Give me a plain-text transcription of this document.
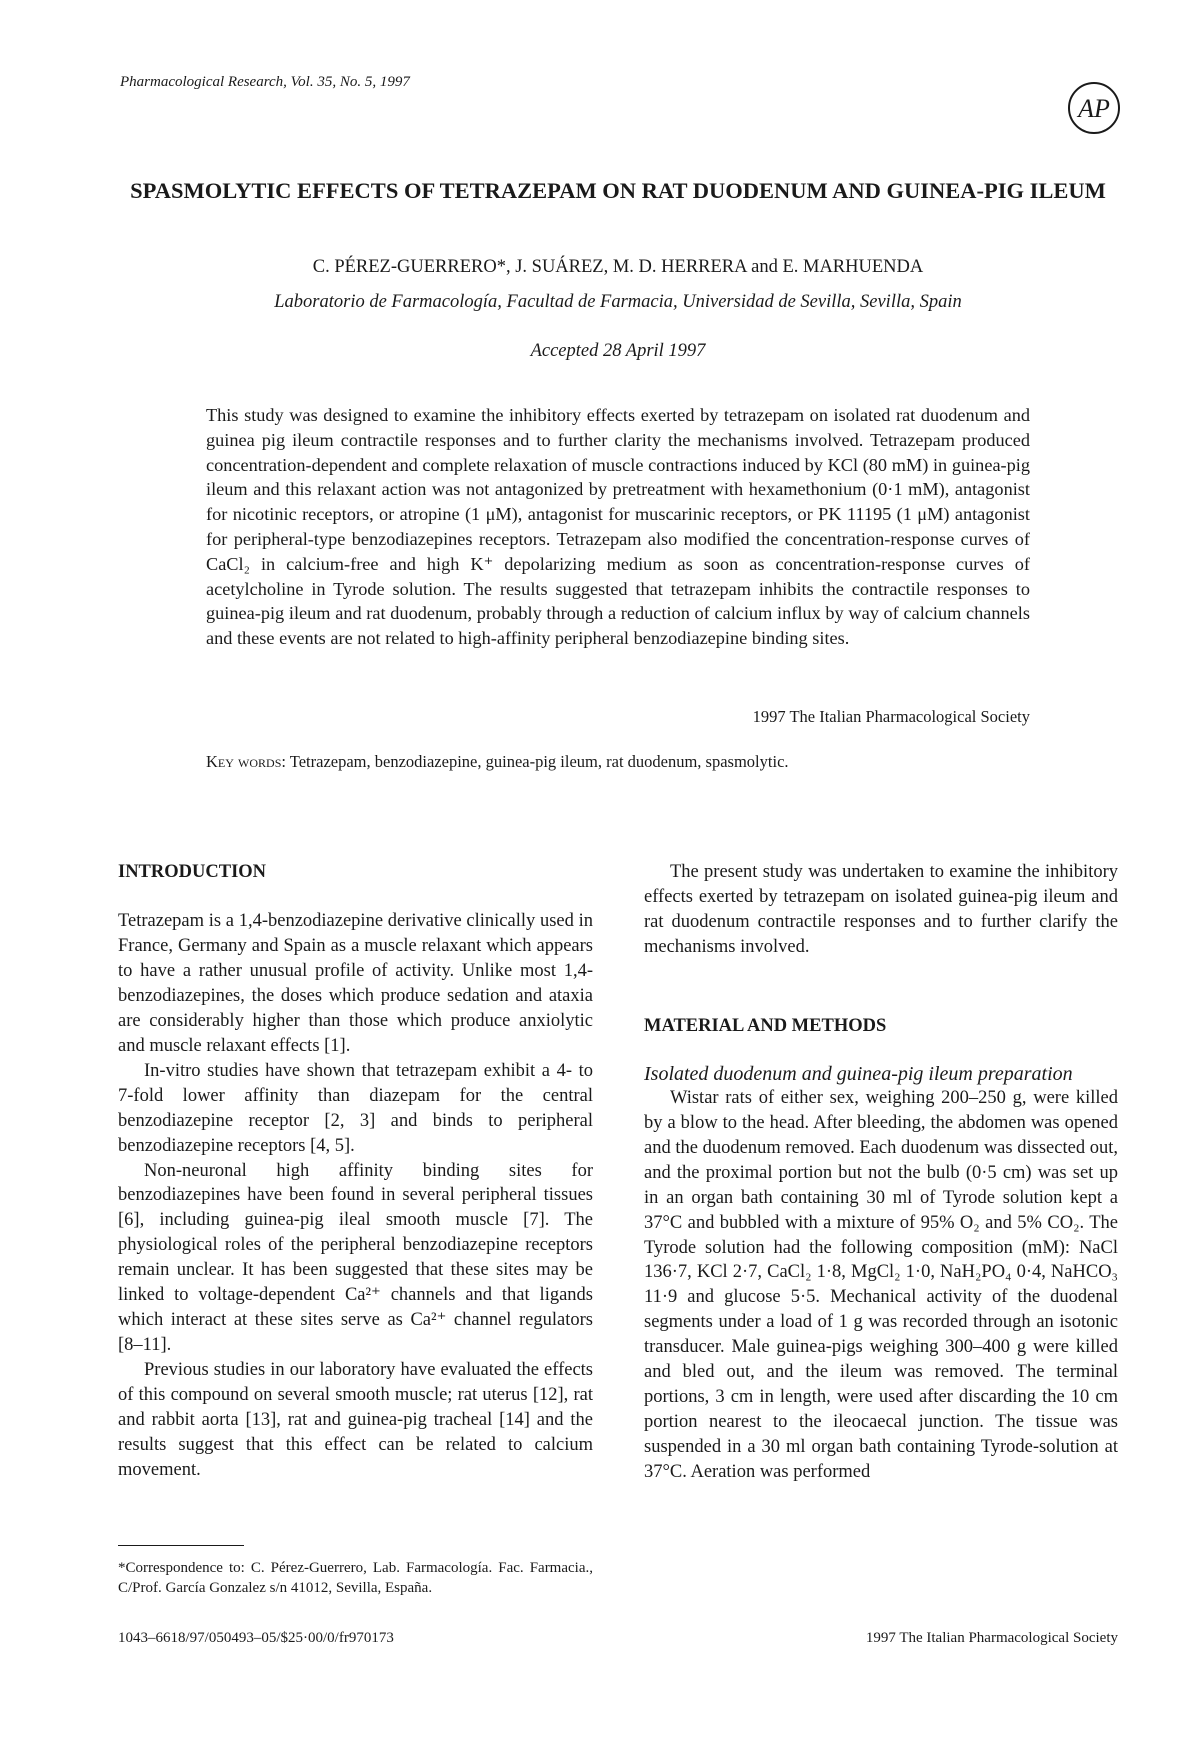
Pharmacological Research, Vol. 35, No. 5, 1997
AP
SPASMOLYTIC EFFECTS OF TETRAZEPAM ON RAT DUODENUM AND GUINEA-PIG ILEUM
C. PÉREZ-GUERRERO*, J. SUÁREZ, M. D. HERRERA and E. MARHUENDA
Laboratorio de Farmacología, Facultad de Farmacia, Universidad de Sevilla, Sevilla, Spain
Accepted 28 April 1997
This study was designed to examine the inhibitory effects exerted by tetrazepam on isolated rat duodenum and guinea pig ileum contractile responses and to further clarity the mechanisms involved. Tetrazepam produced concentration-dependent and complete relaxation of muscle contractions induced by KCl (80 mM) in guinea-pig ileum and this relaxant action was not antagonized by pretreatment with hexamethonium (0·1 mM), antagonist for nicotinic receptors, or atropine (1 μM), antagonist for muscarinic receptors, or PK 11195 (1 μM) antagonist for peripheral-type benzodiazepines receptors. Tetrazepam also modified the concentration-response curves of CaCl₂ in calcium-free and high K⁺ depolarizing medium as soon as concentration-response curves of acetylcholine in Tyrode solution. The results suggested that tetrazepam inhibits the contractile responses to guinea-pig ileum and rat duodenum, probably through a reduction of calcium influx by way of calcium channels and these events are not related to high-affinity peripheral benzodiazepine binding sites.
1997 The Italian Pharmacological Society
Key words: Tetrazepam, benzodiazepine, guinea-pig ileum, rat duodenum, spasmolytic.
INTRODUCTION

Tetrazepam is a 1,4-benzodiazepine derivative clinically used in France, Germany and Spain as a muscle relaxant which appears to have a rather unusual profile of activity. Unlike most 1,4-benzodiazepines, the doses which produce sedation and ataxia are considerably higher than those which produce anxiolytic and muscle relaxant effects [1].

In-vitro studies have shown that tetrazepam exhibit a 4- to 7-fold lower affinity than diazepam for the central benzodiazepine receptor [2, 3] and binds to peripheral benzodiazepine receptors [4, 5].

Non-neuronal high affinity binding sites for benzodiazepines have been found in several peripheral tissues [6], including guinea-pig ileal smooth muscle [7]. The physiological roles of the peripheral benzodiazepine receptors remain unclear. It has been suggested that these sites may be linked to voltage-dependent Ca²⁺ channels and that ligands which interact at these sites serve as Ca²⁺ channel regulators [8–11].

Previous studies in our laboratory have evaluated the effects of this compound on several smooth muscle; rat uterus [12], rat and rabbit aorta [13], rat and guinea-pig tracheal [14] and the results suggest that this effect can be related to calcium movement.

The present study was undertaken to examine the inhibitory effects exerted by tetrazepam on isolated guinea-pig ileum and rat duodenum contractile responses and to further clarify the mechanisms involved.

MATERIAL AND METHODS
Isolated duodenum and guinea-pig ileum preparation

Wistar rats of either sex, weighing 200–250 g, were killed by a blow to the head. After bleeding, the abdomen was opened and the duodenum removed. Each duodenum was dissected out, and the proximal portion but not the bulb (0·5 cm) was set up in an organ bath containing 30 ml of Tyrode solution kept a 37°C and bubbled with a mixture of 95% O₂ and 5% CO₂. The Tyrode solution had the following composition (mM): NaCl 136·7, KCl 2·7, CaCl₂ 1·8, MgCl₂ 1·0, NaH₂PO₄ 0·4, NaHCO₃ 11·9 and glucose 5·5. Mechanical activity of the duodenal segments under a load of 1 g was recorded through an isotonic transducer. Male guinea-pigs weighing 300–400 g were killed and bled out, and the ileum was removed. The terminal portions, 3 cm in length, were used after discarding the 10 cm portion nearest to the ileocaecal junction. The tissue was suspended in a 30 ml organ bath containing Tyrode-solution at 37°C. Aeration was performed

*Correspondence to: C. Pérez-Guerrero, Lab. Farmacología. Fac. Farmacia., C/Prof. García Gonzalez s/n 41012, Sevilla, España.
1043–6618/97/050493–05/$25·00/0/fr970173	1997 The Italian Pharmacological Society
